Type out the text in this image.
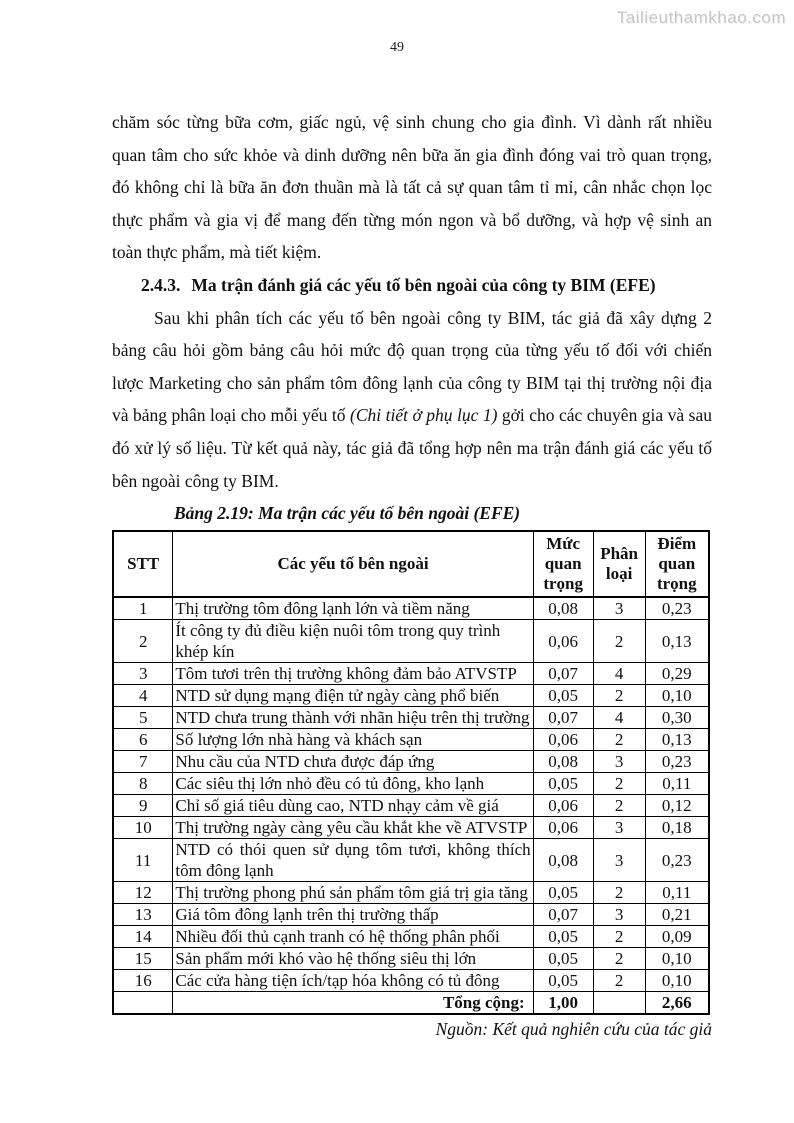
Tailieuthamkhao.com
49

chăm sóc từng bữa cơm, giấc ngủ, vệ sinh chung cho gia đình. Vì dành rất nhiều quan tâm cho sức khỏe và dinh dưỡng nên bữa ăn gia đình đóng vai trò quan trọng, đó không chỉ là bữa ăn đơn thuần mà là tất cả sự quan tâm tỉ mỉ, cân nhắc chọn lọc thực phẩm và gia vị để mang đến từng món ngon và bổ dưỡng, và hợp vệ sinh an toàn thực phẩm, mà tiết kiệm.

2.4.3. Ma trận đánh giá các yếu tố bên ngoài của công ty BIM (EFE)

Sau khi phân tích các yếu tố bên ngoài công ty BIM, tác giả đã xây dựng 2 bảng câu hỏi gồm bảng câu hỏi mức độ quan trọng của từng yếu tố đối với chiến lược Marketing cho sản phẩm tôm đông lạnh của công ty BIM tại thị trường nội địa và bảng phân loại cho mỗi yếu tố (Chi tiết ở phụ lục 1) gởi cho các chuyên gia và sau đó xử lý số liệu. Từ kết quả này, tác giả đã tổng hợp nên ma trận đánh giá các yếu tố bên ngoài công ty BIM.

Bảng 2.19: Ma trận các yếu tố bên ngoài (EFE)

STT	Các yếu tố bên ngoài	Mức quan trọng	Phân loại	Điểm quan trọng
1	Thị trường tôm đông lạnh lớn và tiềm năng	0,08	3	0,23
2	Ít công ty đủ điều kiện nuôi tôm trong quy trình khép kín	0,06	2	0,13
3	Tôm tươi trên thị trường không đảm bảo ATVSTP	0,07	4	0,29
4	NTD sử dụng mạng điện tử ngày càng phổ biến	0,05	2	0,10
5	NTD chưa trung thành với nhãn hiệu trên thị trường	0,07	4	0,30
6	Số lượng lớn nhà hàng và khách sạn	0,06	2	0,13
7	Nhu cầu của NTD chưa được đáp ứng	0,08	3	0,23
8	Các siêu thị lớn nhỏ đều có tủ đông, kho lạnh	0,05	2	0,11
9	Chỉ số giá tiêu dùng cao, NTD nhạy cảm về giá	0,06	2	0,12
10	Thị trường ngày càng yêu cầu khắt khe về ATVSTP	0,06	3	0,18
11	NTD có thói quen sử dụng tôm tươi, không thích tôm đông lạnh	0,08	3	0,23
12	Thị trường phong phú sản phẩm tôm giá trị gia tăng	0,05	2	0,11
13	Giá tôm đông lạnh trên thị trường thấp	0,07	3	0,21
14	Nhiều đối thủ cạnh tranh có hệ thống phân phối	0,05	2	0,09
15	Sản phẩm mới khó vào hệ thống siêu thị lớn	0,05	2	0,10
16	Các cửa hàng tiện ích/tạp hóa không có tủ đông	0,05	2	0,10
	Tổng cộng:	1,00		2,66

Nguồn: Kết quả nghiên cứu của tác giả
